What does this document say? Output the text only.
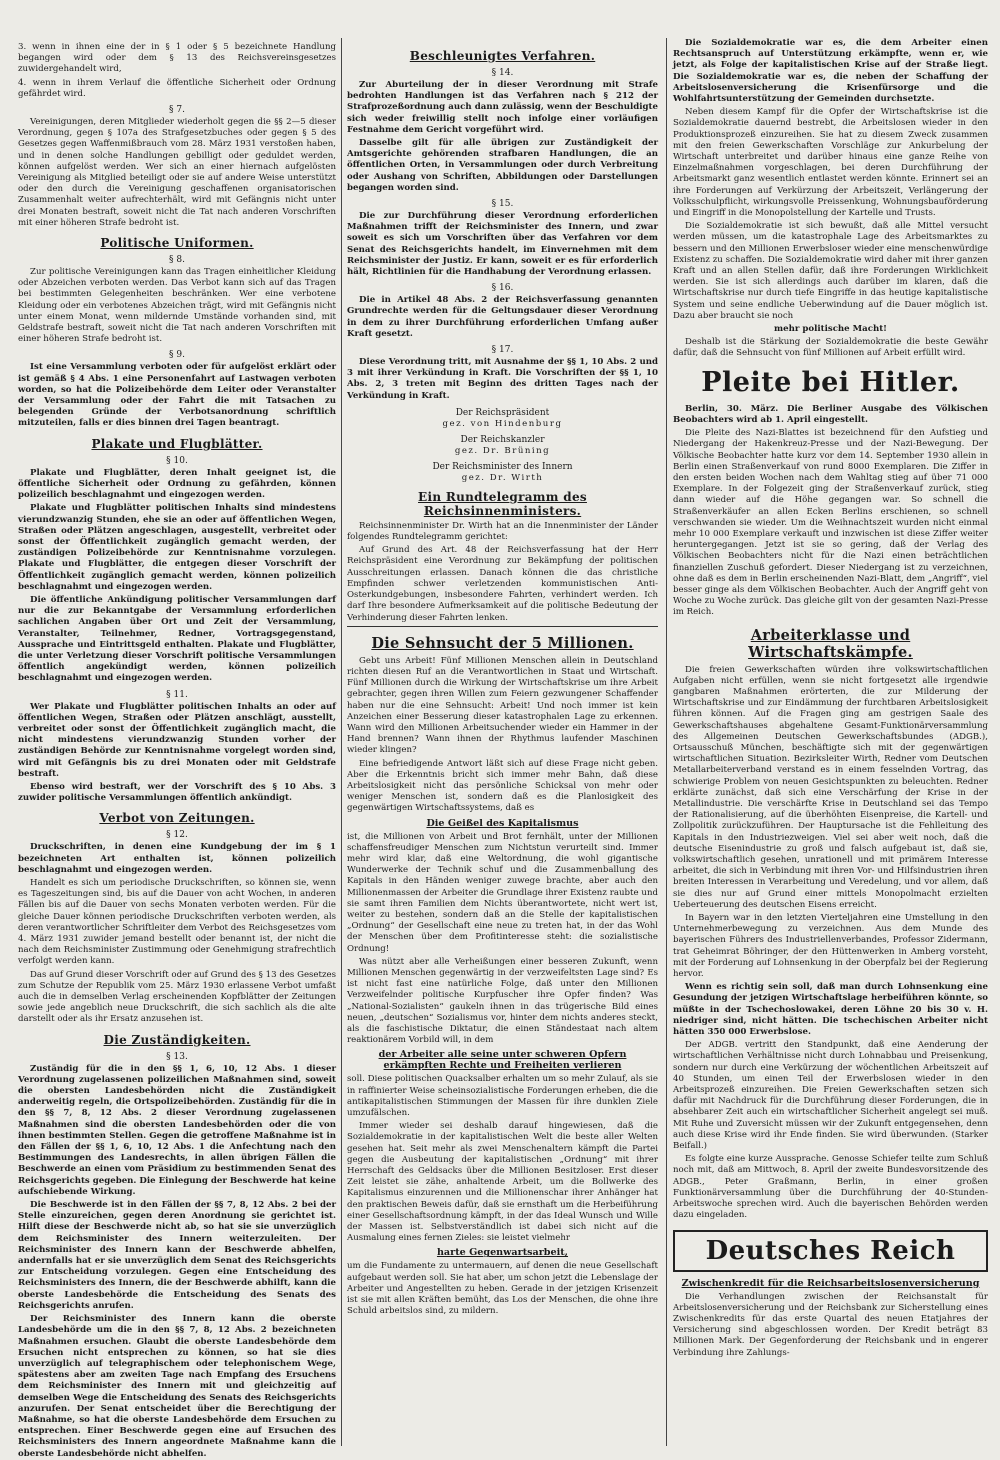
3. wenn in ihnen eine der in § 1 oder § 5 bezeichnete Handlung begangen wird oder dem § 13 des Reichsvereinsgesetzes zuwidergehandelt wird,

4. wenn in ihrem Verlauf die öffentliche Sicherheit oder Ordnung gefährdet wird.

§ 7.

Vereinigungen, deren Mitglieder wiederholt gegen die §§ 2—5 dieser Verordnung, gegen § 107a des Strafgesetzbuches oder gegen § 5 des Gesetzes gegen Waffenmißbrauch vom 28. März 1931 verstoßen haben, und in denen solche Handlungen gebilligt oder geduldet werden, können aufgelöst werden. Wer sich an einer hiernach aufgelösten Vereinigung als Mitglied beteiligt oder sie auf andere Weise unterstützt oder den durch die Vereinigung geschaffenen organisatorischen Zusammenhalt weiter aufrechterhält, wird mit Gefängnis nicht unter drei Monaten bestraft, soweit nicht die Tat nach anderen Vorschriften mit einer höheren Strafe bedroht ist.

Politische Uniformen.
§ 8.

Zur politische Vereinigungen kann das Tragen einheitlicher Kleidung oder Abzeichen verboten werden. Das Verbot kann sich auf das Tragen bei bestimmten Gelegenheiten beschränken. Wer eine verbotene Kleidung oder ein verbotenes Abzeichen trägt, wird mit Gefängnis nicht unter einem Monat, wenn mildernde Umstände vorhanden sind, mit Geldstrafe bestraft, soweit nicht die Tat nach anderen Vorschriften mit einer höheren Strafe bedroht ist.

§ 9.

Ist eine Versammlung verboten oder für aufgelöst erklärt oder ist gemäß § 4 Abs. 1 eine Personenfahrt auf Lastwagen verboten worden, so hat die Polizeibehörde dem Leiter oder Veranstalter der Versammlung oder der Fahrt die mit Tatsachen zu belegenden Gründe der Verbotsanordnung schriftlich mitzuteilen, falls er dies binnen drei Tagen beantragt.

Plakate und Flugblätter.
§ 10.

Plakate und Flugblätter, deren Inhalt geeignet ist, die öffentliche Sicherheit oder Ordnung zu gefährden, können polizeilich beschlagnahmt und eingezogen werden.

Plakate und Flugblätter politischen Inhalts sind mindestens vierundzwanzig Stunden, ehe sie an oder auf öffentlichen Wegen, Straßen oder Plätzen angeschlagen, ausgestellt, verbreitet oder sonst der Öffentlichkeit zugänglich gemacht werden, der zuständigen Polizeibehörde zur Kenntnisnahme vorzulegen. Plakate und Flugblätter, die entgegen dieser Vorschrift der Öffentlichkeit zugänglich gemacht werden, können polizeilich beschlagnahmt und eingezogen werden.

Die öffentliche Ankündigung politischer Versammlungen darf nur die zur Bekanntgabe der Versammlung erforderlichen sachlichen Angaben über Ort und Zeit der Versammlung, Veranstalter, Teilnehmer, Redner, Vortragsgegenstand, Aussprache und Eintrittsgeld enthalten. Plakate und Flugblätter, die unter Verletzung dieser Vorschrift politische Versammlungen öffentlich angekündigt werden, können polizeilich beschlagnahmt und eingezogen werden.

§ 11.

Wer Plakate und Flugblätter politischen Inhalts an oder auf öffentlichen Wegen, Straßen oder Plätzen anschlägt, ausstellt, verbreitet oder sonst der Öffentlichkeit zugänglich macht, die nicht mindestens vierundzwanzig Stunden vorher der zuständigen Behörde zur Kenntnisnahme vorgelegt worden sind, wird mit Gefängnis bis zu drei Monaten oder mit Geldstrafe bestraft.

Ebenso wird bestraft, wer der Vorschrift des § 10 Abs. 3 zuwider politische Versammlungen öffentlich ankündigt.

Verbot von Zeitungen.
§ 12.

Druckschriften, in denen eine Kundgebung der im § 1 bezeichneten Art enthalten ist, können polizeilich beschlagnahmt und eingezogen werden.

Handelt es sich um periodische Druckschriften, so können sie, wenn es Tageszeitungen sind, bis auf die Dauer von acht Wochen, in anderen Fällen bis auf die Dauer von sechs Monaten verboten werden. Für die gleiche Dauer können periodische Druckschriften verboten werden, als deren verantwortlicher Schriftleiter dem Verbot des Reichsgesetzes vom 4. März 1931 zuwider jemand bestellt oder benannt ist, der nicht die nach dem Reichsminister Zustimmung oder Genehmigung strafrechtlich verfolgt werden kann.

Das auf Grund dieser Vorschrift oder auf Grund des § 13 des Gesetzes zum Schutze der Republik vom 25. März 1930 erlassene Verbot umfaßt auch die in demselben Verlag erscheinenden Kopfblätter der Zeitungen sowie jede angeblich neue Druckschrift, die sich sachlich als die alte darstellt oder als ihr Ersatz anzusehen ist.

Die Zuständigkeiten.
§ 13.

Zuständig für die in den §§ 1, 6, 10, 12 Abs. 1 dieser Verordnung zugelassenen polizeilichen Maßnahmen sind, soweit die obersten Landesbehörden nicht die Zuständigkeit anderweitig regeln, die Ortspolizeibehörden. Zuständig für die in den §§ 7, 8, 12 Abs. 2 dieser Verordnung zugelassenen Maßnahmen sind die obersten Landesbehörden oder die von ihnen bestimmten Stellen. Gegen die getroffene Maßnahme ist in den Fällen der §§ 1, 6, 10, 12 Abs. 1 die Anfechtung nach den Bestimmungen des Landesrechts, in allen übrigen Fällen die Beschwerde an einen vom Präsidium zu bestimmenden Senat des Reichsgerichts gegeben. Die Einlegung der Beschwerde hat keine aufschiebende Wirkung.

Die Beschwerde ist in den Fällen der §§ 7, 8, 12 Abs. 2 bei der Stelle einzureichen, gegen deren Anordnung sie gerichtet ist. Hilft diese der Beschwerde nicht ab, so hat sie sie unverzüglich dem Reichsminister des Innern weiterzuleiten. Der Reichsminister des Innern kann der Beschwerde abhelfen, andernfalls hat er sie unverzüglich dem Senat des Reichsgerichts zur Entscheidung vorzulegen. Gegen eine Entscheidung des Reichsministers des Innern, die der Beschwerde abhilft, kann die oberste Landesbehörde die Entscheidung des Senats des Reichsgerichts anrufen.

Der Reichsminister des Innern kann die oberste Landesbehörde um die in den §§ 7, 8, 12 Abs. 2 bezeichneten Maßnahmen ersuchen. Glaubt die oberste Landesbehörde dem Ersuchen nicht entsprechen zu können, so hat sie dies unverzüglich auf telegraphischem oder telephonischem Wege, spätestens aber am zweiten Tage nach Empfang des Ersuchens dem Reichsminister des Innern mit und gleichzeitig auf demselben Wege die Entscheidung des Senats des Reichsgerichts anzurufen. Der Senat entscheidet über die Berechtigung der Maßnahme, so hat die oberste Landesbehörde dem Ersuchen zu entsprechen. Einer Beschwerde gegen eine auf Ersuchen des Reichsministers des Innern angeordnete Maßnahme kann die oberste Landesbehörde nicht abhelfen.

Beschleunigtes Verfahren.
§ 14.

Zur Aburteilung der in dieser Verordnung mit Strafe bedrohten Handlungen ist das Verfahren nach § 212 der Strafprozeßordnung auch dann zulässig, wenn der Beschuldigte sich weder freiwillig stellt noch infolge einer vorläufigen Festnahme dem Gericht vorgeführt wird.

Dasselbe gilt für alle übrigen zur Zuständigkeit der Amtsgerichte gehörenden strafbaren Handlungen, die an öffentlichen Orten, in Versammlungen oder durch Verbreitung oder Aushang von Schriften, Abbildungen oder Darstellungen begangen worden sind.

§ 15.

Die zur Durchführung dieser Verordnung erforderlichen Maßnahmen trifft der Reichsminister des Innern, und zwar soweit es sich um Vorschriften über das Verfahren vor dem Senat des Reichsgerichts handelt, im Einvernehmen mit dem Reichsminister der Justiz. Er kann, soweit er es für erforderlich hält, Richtlinien für die Handhabung der Verordnung erlassen.

§ 16.

Die in Artikel 48 Abs. 2 der Reichsverfassung genannten Grundrechte werden für die Geltungsdauer dieser Verordnung in dem zu ihrer Durchführung erforderlichen Umfang außer Kraft gesetzt.

§ 17.

Diese Verordnung tritt, mit Ausnahme der §§ 1, 10 Abs. 2 und 3 mit ihrer Verkündung in Kraft. Die Vorschriften der §§ 1, 10 Abs. 2, 3 treten mit Beginn des dritten Tages nach der Verkündung in Kraft.

Der Reichspräsident
gez. von Hindenburg
Der Reichskanzler
gez. Dr. Brüning
Der Reichsminister des Innern
gez. Dr. Wirth
Ein Rundtelegramm des Reichsinnenministers.

Reichsinnenminister Dr. Wirth hat an die Innenminister der Länder folgendes Rundtelegramm gerichtet:

Auf Grund des Art. 48 der Reichsverfassung hat der Herr Reichspräsident eine Verordnung zur Bekämpfung der politischen Ausschreitungen erlassen. Danach können die das christliche Empfinden schwer verletzenden kommunistischen Anti-Osterkundgebungen, insbesondere Fahrten, verhindert werden. Ich darf Ihre besondere Aufmerksamkeit auf die politische Bedeutung der Verhinderung dieser Fahrten lenken.

Die Sehnsucht der 5 Millionen.

Gebt uns Arbeit! Fünf Millionen Menschen allein in Deutschland richten diesen Ruf an die Verantwortlichen in Staat und Wirtschaft. Fünf Millionen durch die Wirkung der Wirtschaftskrise um ihre Arbeit gebrachter, gegen ihren Willen zum Feiern gezwungener Schaffender haben nur die eine Sehnsucht: Arbeit! Und noch immer ist kein Anzeichen einer Besserung dieser katastrophalen Lage zu erkennen. Wann wird den Millionen Arbeitsuchender wieder ein Hammer in der Hand brennen? Wann ihnen der Rhythmus laufender Maschinen wieder klingen?

Eine befriedigende Antwort läßt sich auf diese Frage nicht geben. Aber die Erkenntnis bricht sich immer mehr Bahn, daß diese Arbeitslosigkeit nicht das persönliche Schicksal von mehr oder weniger Menschen ist, sondern daß es die Planlosigkeit des gegenwärtigen Wirtschaftssystems, daß es

Die Geißel des Kapitalismus

ist, die Millionen von Arbeit und Brot fernhält, unter der Millionen schaffensfreudiger Menschen zum Nichtstun verurteilt sind. Immer mehr wird klar, daß eine Weltordnung, die wohl gigantische Wunderwerke der Technik schuf und die Zusammenballung des Kapitals in den Händen weniger zuwege brachte, aber auch den Millionenmassen der Arbeiter die Grundlage ihrer Existenz raubte und sie samt ihren Familien dem Nichts überantwortete, nicht wert ist, weiter zu bestehen, sondern daß an die Stelle der kapitalistischen „Ordnung“ der Gesellschaft eine neue zu treten hat, in der das Wohl der Menschen über dem Profitinteresse steht: die sozialistische Ordnung!

Was nützt aber alle Verheißungen einer besseren Zukunft, wenn Millionen Menschen gegenwärtig in der verzweifeltsten Lage sind? Es ist nicht fast eine natürliche Folge, daß unter den Millionen Verzweifelnder politische Kurpfuscher ihre Opfer finden? Was „National-Sozialisten“ gaukeln ihnen in das trügerische Bild eines neuen, „deutschen“ Sozialismus vor, hinter dem nichts anderes steckt, als die faschistische Diktatur, die einen Ständestaat nach altem reaktionärem Vorbild will, in dem

der Arbeiter alle seine unter schweren Opfern erkämpften Rechte und Freiheiten verlieren

soll. Diese politischen Quacksalber erhalten um so mehr Zulauf, als sie in raffinierter Weise scheinsozialistische Forderungen erheben, die die antikapitalistischen Stimmungen der Massen für ihre dunklen Ziele umzufälschen.

Immer wieder sei deshalb darauf hingewiesen, daß die Sozialdemokratie in der kapitalistischen Welt die beste aller Welten gesehen hat. Seit mehr als zwei Menschenaltern kämpft die Partei gegen die Ausbeutung der kapitalistischen „Ordnung“ mit ihrer Herrschaft des Geldsacks über die Millionen Besitzloser. Erst dieser Zeit leistet sie zähe, anhaltende Arbeit, um die Bollwerke des Kapitalismus einzurennen und die Millionenschar ihrer Anhänger hat den praktischen Beweis dafür, daß sie ernsthaft um die Herbeiführung einer Gesellschaftsordnung kämpft, in der das Ideal Wunsch und Wille der Massen ist. Selbstverständlich ist dabei sich nicht auf die Ausmalung eines fernen Zieles: sie leistet vielmehr

harte Gegenwartsarbeit,

um die Fundamente zu untermauern, auf denen die neue Gesellschaft aufgebaut werden soll. Sie hat aber, um schon jetzt die Lebenslage der Arbeiter und Angestellten zu heben. Gerade in der jetzigen Krisenzeit ist sie mit allen Kräften bemüht, das Los der Menschen, die ohne ihre Schuld arbeitslos sind, zu mildern.

Die Sozialdemokratie war es, die dem Arbeiter einen Rechtsanspruch auf Unterstützung erkämpfte, wenn er, wie jetzt, als Folge der kapitalistischen Krise auf der Straße liegt. Die Sozialdemokratie war es, die neben der Schaffung der Arbeitslosenversicherung die Krisenfürsorge und die Wohlfahrtsunterstützung der Gemeinden durchsetzte.

Neben diesem Kampf für die Opfer der Wirtschaftskrise ist die Sozialdemokratie dauernd bestrebt, die Arbeitslosen wieder in den Produktionsprozeß einzureihen. Sie hat zu diesem Zweck zusammen mit den freien Gewerkschaften Vorschläge zur Ankurbelung der Wirtschaft unterbreitet und darüber hinaus eine ganze Reihe von Einzelmaßnahmen vorgeschlagen, bei deren Durchführung der Arbeitsmarkt ganz wesentlich entlastet werden könnte. Erinnert sei an ihre Forderungen auf Verkürzung der Arbeitszeit, Verlängerung der Volksschulpflicht, wirkungsvolle Preissenkung, Wohnungsbauförderung und Eingriff in die Monopolstellung der Kartelle und Trusts.

Die Sozialdemokratie ist sich bewußt, daß alle Mittel versucht werden müssen, um die katastrophale Lage des Arbeitsmarktes zu bessern und den Millionen Erwerbsloser wieder eine menschenwürdige Existenz zu schaffen. Die Sozialdemokratie wird daher mit ihrer ganzen Kraft und an allen Stellen dafür, daß ihre Forderungen Wirklichkeit werden. Sie ist sich allerdings auch darüber im klaren, daß die Wirtschaftskrise nur durch tiefe Eingriffe in das heutige kapitalistische System und seine endliche Ueberwindung auf die Dauer möglich ist. Dazu aber braucht sie noch

mehr politische Macht!

Deshalb ist die Stärkung der Sozialdemokratie die beste Gewähr dafür, daß die Sehnsucht von fünf Millionen auf Arbeit erfüllt wird.

Pleite bei Hitler.

Berlin, 30. März. Die Berliner Ausgabe des Völkischen Beobachters wird ab 1. April eingestellt.

Die Pleite des Nazi-Blattes ist bezeichnend für den Aufstieg und Niedergang der Hakenkreuz-Presse und der Nazi-Bewegung. Der Völkische Beobachter hatte kurz vor dem 14. September 1930 allein in Berlin einen Straßenverkauf von rund 8000 Exemplaren. Die Ziffer in den ersten beiden Wochen nach dem Wahltag stieg auf über 71 000 Exemplare. In der Folgezeit ging der Straßenverkauf zurück, stieg dann wieder auf die Höhe gegangen war. So schnell die Straßenverkäufer an allen Ecken Berlins erschienen, so schnell verschwanden sie wieder. Um die Weihnachtszeit wurden nicht einmal mehr 10 000 Exemplare verkauft und inzwischen ist diese Ziffer weiter heruntergegangen. Jetzt ist sie so gering, daß der Verlag des Völkischen Beobachters nicht für die Nazi einen beträchtlichen finanziellen Zuschuß gefordert. Dieser Niedergang ist zu verzeichnen, ohne daß es dem in Berlin erscheinenden Nazi-Blatt, dem „Angriff“, viel besser ginge als dem Völkischen Beobachter. Auch der Angriff geht von Woche zu Woche zurück. Das gleiche gilt von der gesamten Nazi-Presse im Reich.

Arbeiterklasse und Wirtschaftskämpfe.

Die freien Gewerkschaften würden ihre volkswirtschaftlichen Aufgaben nicht erfüllen, wenn sie nicht fortgesetzt alle irgendwie gangbaren Maßnahmen erörterten, die zur Milderung der Wirtschaftskrise und zur Eindämmung der furchtbaren Arbeitslosigkeit führen können. Auf die Fragen ging am gestrigen Saale des Gewerkschaftshauses abgehaltene Gesamt-Funktionärversammlung des Allgemeinen Deutschen Gewerkschaftsbundes (ADGB.), Ortsausschuß München, beschäftigte sich mit der gegenwärtigen wirtschaftlichen Situation. Bezirksleiter Wirth, Redner vom Deutschen Metallarbeiterverband verstand es in einem fesselnden Vortrag, das schwierige Problem von neuen Gesichtspunkten zu beleuchten. Redner erklärte zunächst, daß sich eine Verschärfung der Krise in der Metallindustrie. Die verschärfte Krise in Deutschland sei das Tempo der Rationalisierung, auf die überhöhten Eisenpreise, die Kartell- und Zollpolitik zurückzuführen. Der Hauptursache ist die Fehlleitung des Kapitals in den Industriezweigen. Viel sei aber weit noch, daß die deutsche Eisenindustrie zu groß und falsch aufgebaut ist, daß sie, volkswirtschaftlich gesehen, unrationell und mit primärem Interesse arbeitet, die sich in Verbindung mit ihren Vor- und Hilfsindustrien ihren breiten Interessen in Verarbeitung und Veredelung, und vor allem, daß sie dies nur auf Grund einer mittels Monopolmacht erzielten Ueberteuerung des deutschen Eisens erreicht.

In Bayern war in den letzten Vierteljahren eine Umstellung in den Unternehmerbewegung zu verzeichnen. Aus dem Munde des bayerischen Führers des Industriellenverbandes, Professor Zidermann, trat Geheimrat Böhringer, der den Hüttenwerken in Amberg vorsteht, mit der Forderung auf Lohnsenkung in der Oberpfalz bei der Regierung hervor.

Wenn es richtig sein soll, daß man durch Lohnsenkung eine Gesundung der jetzigen Wirtschaftslage herbeiführen könnte, so müßte in der Tschechoslowakei, deren Löhne 20 bis 30 v. H. niedriger sind, nicht hätten. Die tschechischen Arbeiter nicht hätten 350 000 Erwerbslose.

Der ADGB. vertritt den Standpunkt, daß eine Aenderung der wirtschaftlichen Verhältnisse nicht durch Lohnabbau und Preisenkung, sondern nur durch eine Verkürzung der wöchentlichen Arbeitszeit auf 40 Stunden, um einen Teil der Erwerbslosen wieder in den Arbeitsprozeß einzureihen. Die Freien Gewerkschaften setzen sich dafür mit Nachdruck für die Durchführung dieser Forderungen, die in absehbarer Zeit auch ein wirtschaftlicher Sicherheit angelegt sei muß. Mit Ruhe und Zuversicht müssen wir der Zukunft entgegensehen, denn auch diese Krise wird ihr Ende finden. Sie wird überwunden. (Starker Beifall.)

Es folgte eine kurze Aussprache. Genosse Schiefer teilte zum Schluß noch mit, daß am Mittwoch, 8. April der zweite Bundesvorsitzende des ADGB., Peter Graßmann, Berlin, in einer großen Funktionärversammlung über die Durchführung der 40-Stunden-Arbeitswoche sprechen wird. Auch die bayerischen Behörden werden dazu eingeladen.

Deutsches Reich
Zwischenkredit für die Reichsarbeitslosenversicherung

Die Verhandlungen zwischen der Reichsanstalt für Arbeitslosenversicherung und der Reichsbank zur Sicherstellung eines Zwischenkredits für das erste Quartal des neuen Etatjahres der Versicherung sind abgeschlossen worden. Der Kredit beträgt 83 Millionen Mark. Der Gegenforderung der Reichsbank und in engerer Verbindung ihre Zahlungs-
